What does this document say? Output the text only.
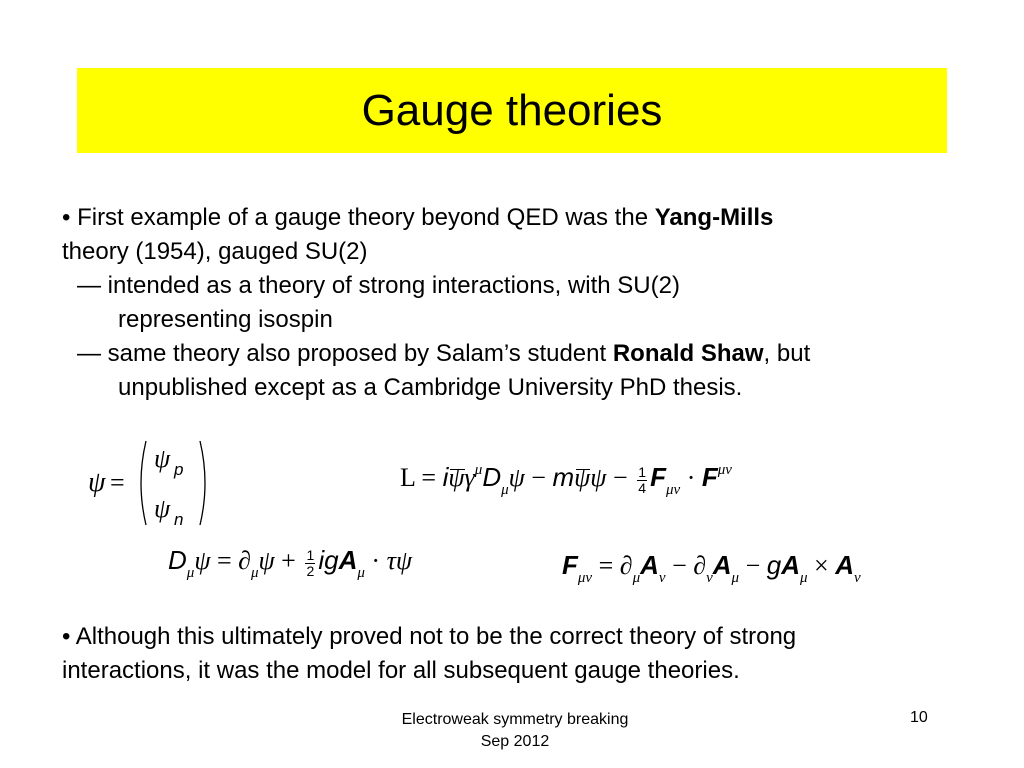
Gauge theories
• First example of a gauge theory beyond QED was the Yang-Mills
theory (1954), gauged SU(2)
— intended as a theory of strong interactions, with SU(2)
representing isospin
— same theory also proposed by Salam’s student Ronald Shaw, but
unpublished except as a Cambridge University PhD thesis.
ψ =
ψ p
ψ n
$L = i\psi\gamma^\mu D_\mu\psi - m\psi\psi - \frac{1}{4} F_{\mu\nu} \cdot F^{\mu\nu}$
$D_\mu\psi = \partial_\mu\psi + \frac{1}{2} igA_\mu \cdot \tau\psi$	$F_{\mu\nu} = \partial_\mu A_\nu - \partial_\nu A_\mu - gA_\mu \times A_\nu$
• Although this ultimately proved not to be the correct theory of strong
interactions, it was the model for all subsequent gauge theories.
Electroweak symmetry breaking
Sep 2012
10
